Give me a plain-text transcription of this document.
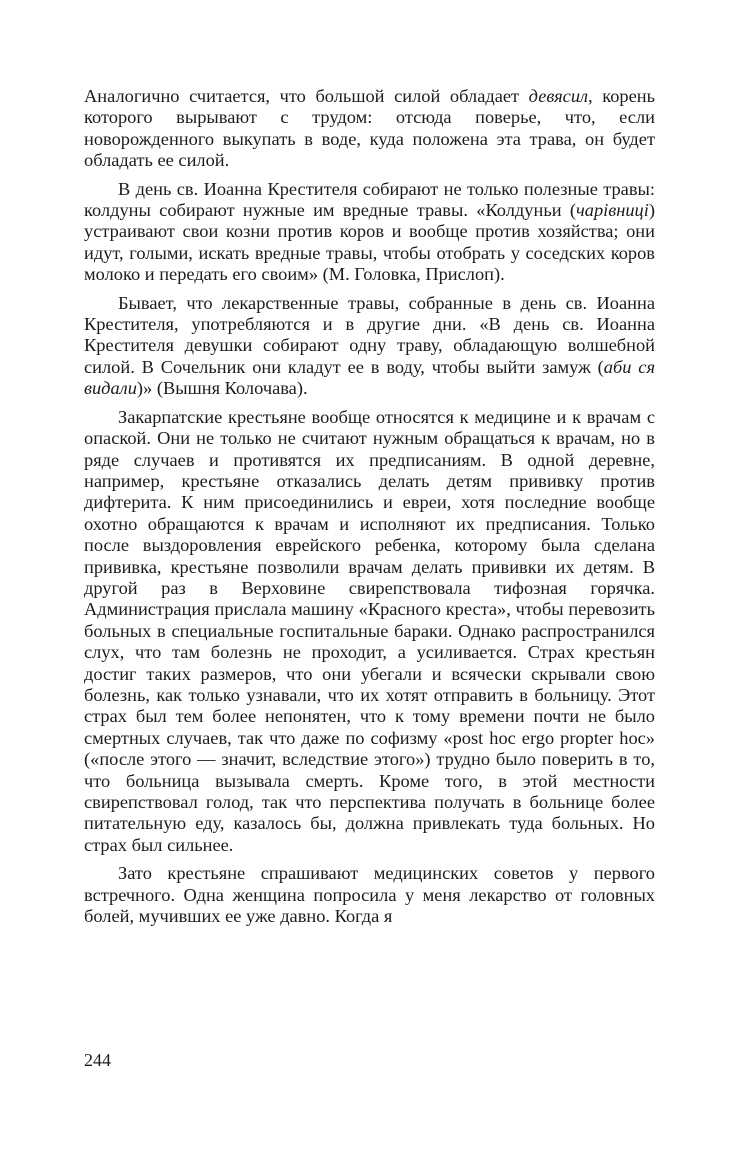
Аналогично считается, что большой силой обладает девясил, корень которого вырывают с трудом: отсюда поверье, что, если новорожденного выкупать в воде, куда положена эта трава, он будет обладать ее силой.

В день св. Иоанна Крестителя собирают не только полезные травы: колдуны собирают нужные им вредные травы. «Колдуньи (чарівниці) устраивают свои козни против коров и вообще против хозяйства; они идут, голыми, искать вредные травы, чтобы отобрать у соседских коров молоко и передать его своим» (М. Головка, Прислоп).

Бывает, что лекарственные травы, собранные в день св. Иоанна Крестителя, употребляются и в другие дни. «В день св. Иоанна Крестителя девушки собирают одну траву, обладающую волшебной силой. В Сочельник они кладут ее в воду, чтобы выйти замуж (аби ся видали)» (Вышня Колочава).

Закарпатские крестьяне вообще относятся к медицине и к врачам с опаской. Они не только не считают нужным обращаться к врачам, но в ряде случаев и противятся их предписаниям. В одной деревне, например, крестьяне отказались делать детям прививку против дифтерита. К ним присоединились и евреи, хотя последние вообще охотно обращаются к врачам и исполняют их предписания. Только после выздоровления еврейского ребенка, которому была сделана прививка, крестьяне позволили врачам делать прививки их детям. В другой раз в Верховине свирепствовала тифозная горячка. Администрация прислала машину «Красного креста», чтобы перевозить больных в специальные госпитальные бараки. Однако распространился слух, что там болезнь не проходит, а усиливается. Страх крестьян достиг таких размеров, что они убегали и всячески скрывали свою болезнь, как только узнавали, что их хотят отправить в больницу. Этот страх был тем более непонятен, что к тому времени почти не было смертных случаев, так что даже по софизму «post hoc ergo propter hoc» («после этого — значит, вследствие этого») трудно было поверить в то, что больница вызывала смерть. Кроме того, в этой местности свирепствовал голод, так что перспектива получать в больнице более питательную еду, казалось бы, должна привлекать туда больных. Но страх был сильнее.

Зато крестьяне спрашивают медицинских советов у первого встречного. Одна женщина попросила у меня лекарство от головных болей, мучивших ее уже давно. Когда я

244
